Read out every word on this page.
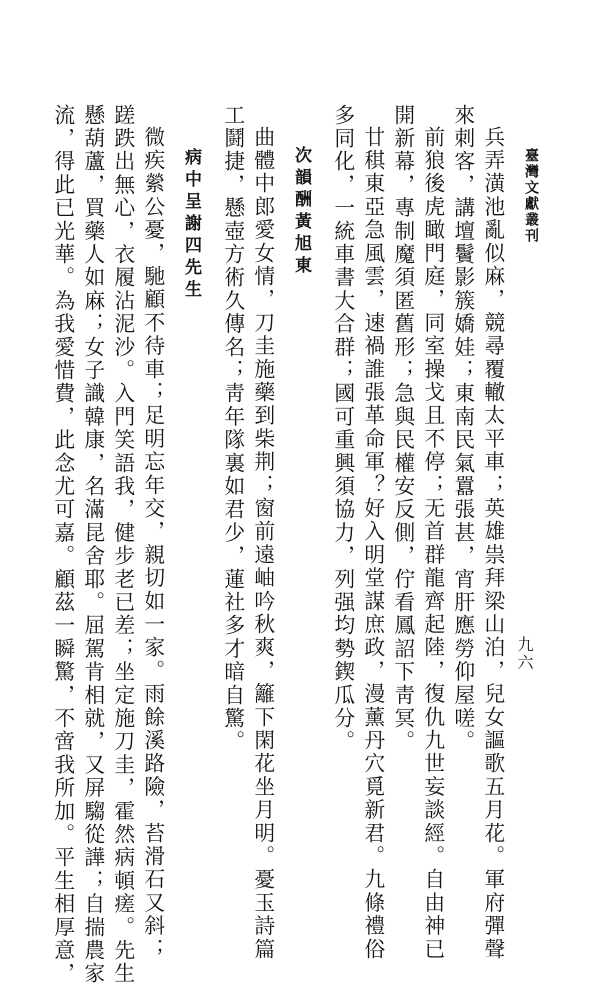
臺灣文獻叢刊
九六
兵弄潢池亂似麻，競尋覆轍太平車；英雄祟拜梁山泊，兒女謳歌五月花。軍府彈聲
來刺客，講壇鬢影簇嬌娃；東南民氣囂張甚，宵肝應勞仰屋嗟。
前狼後虎瞰門庭，同室操戈且不停；无首群龍齊起陸，復仇九世妄談經。自由神已
開新幕，專制魔須匿舊形；急與民權安反側，佇看鳳詔下靑冥。
廿稘東亞急風雲，速禍誰張革命軍？好入明堂謀庶政，漫薰丹穴覓新君。九條禮俗
多同化，一統車書大合群；國可重興須協力，列强均勢鍥瓜分。
次韻酬黃旭東
曲體中郎愛女情，刀圭施藥到柴荆；窗前遠岫吟秋爽，籬下閑花坐月明。憂玉詩篇
工鬪捷，懸壺方術久傳名；靑年隊裏如君少，蓮社多才暗自驚。
病中呈謝四先生
微疾縈公憂，馳顧不待車；足明忘年交，親切如一家。雨餘溪路險，苔滑石又斜；
蹉跌出無心，衣履沾泥沙。入門笑語我，健步老已差；坐定施刀圭，霍然病頓瘥。先生
懸葫蘆，買藥人如麻；女子識韓康，名滿昆舍耶。屈駕肯相就，又屏騶從譁；自揣農家
流，得此已光華。為我愛惜費，此念尤可嘉。顧茲一瞬驚，不啻我所加。平生相厚意，
